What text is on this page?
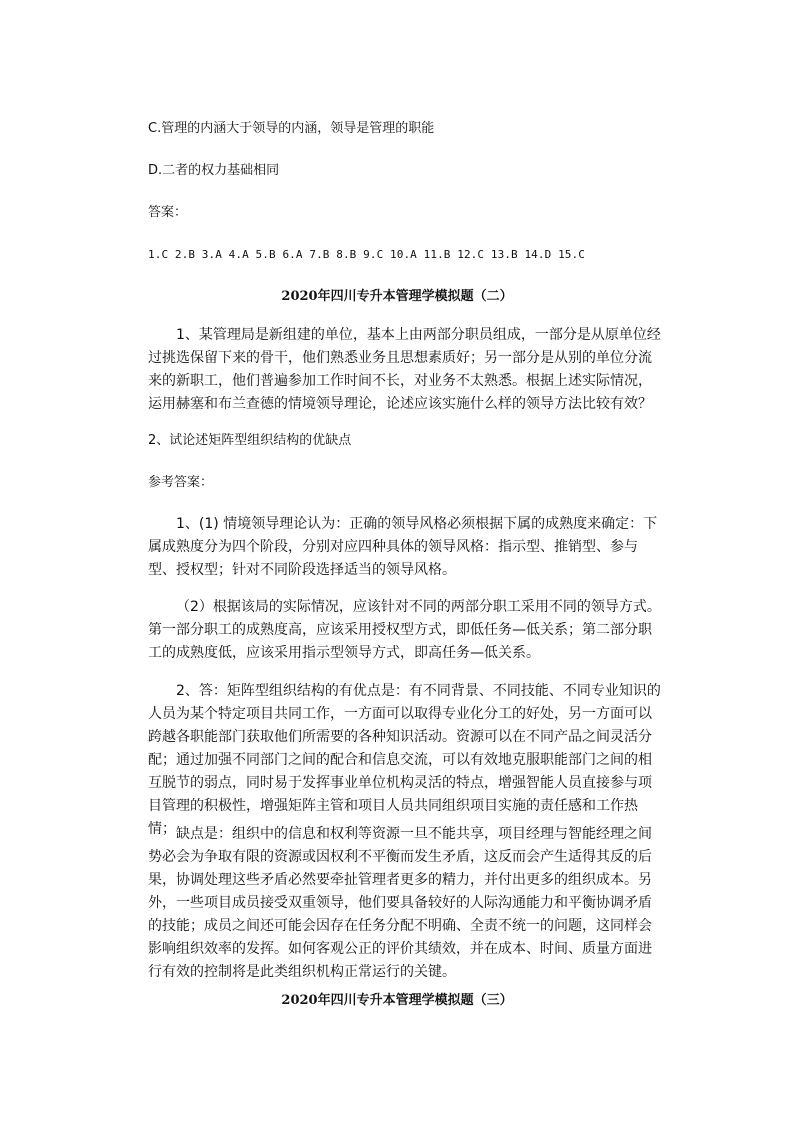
C.管理的内涵大于领导的内涵，领导是管理的职能
D.二者的权力基础相同
答案：
1.C 2.B 3.A 4.A 5.B 6.A 7.B 8.B 9.C 10.A 11.B 12.C 13.B 14.D 15.C
2020年四川专升本管理学模拟题（二）

1、某管理局是新组建的单位，基本上由两部分职员组成，一部分是从原单位经过挑选保留下来的骨干，他们熟悉业务且思想素质好；另一部分是从别的单位分流来的新职工，他们普遍参加工作时间不长，对业务不太熟悉。根据上述实际情况，运用赫塞和布兰查德的情境领导理论，论述应该实施什么样的领导方法比较有效？

2、试论述矩阵型组织结构的优缺点
参考答案：

1、(1) 情境领导理论认为：正确的领导风格必须根据下属的成熟度来确定：下属成熟度分为四个阶段，分别对应四种具体的领导风格：指示型、推销型、参与型、授权型；针对不同阶段选择适当的领导风格。

（2）根据该局的实际情况，应该针对不同的两部分职工采用不同的领导方式。第一部分职工的成熟度高，应该采用授权型方式，即低任务—低关系；第二部分职工的成熟度低，应该采用指示型领导方式，即高任务—低关系。

2、答：矩阵型组织结构的有优点是：有不同背景、不同技能、不同专业知识的人员为某个特定项目共同工作，一方面可以取得专业化分工的好处，另一方面可以跨越各职能部门获取他们所需要的各种知识活动。资源可以在不同产品之间灵活分配；通过加强不同部门之间的配合和信息交流，可以有效地克服职能部门之间的相互脱节的弱点，同时易于发挥事业单位机构灵活的特点，增强智能人员直接参与项目管理的积极性，增强矩阵主管和项目人员共同组织项目实施的责任感和工作热情； 缺点是：组织中的信息和权利等资源一旦不能共享，项目经理与智能经理之间势必会为争取有限的资源或因权利不平衡而发生矛盾，这反而会产生适得其反的后果，协调处理这些矛盾必然要牵扯管理者更多的精力，并付出更多的组织成本。另外，一些项目成员接受双重领导，他们要具备较好的人际沟通能力和平衡协调矛盾的技能；成员之间还可能会因存在任务分配不明确、全责不统一的问题，这同样会影响组织效率的发挥。如何客观公正的评价其绩效，并在成本、时间、质量方面进行有效的控制将是此类组织机构正常运行的关键。

2020年四川专升本管理学模拟题（三）
